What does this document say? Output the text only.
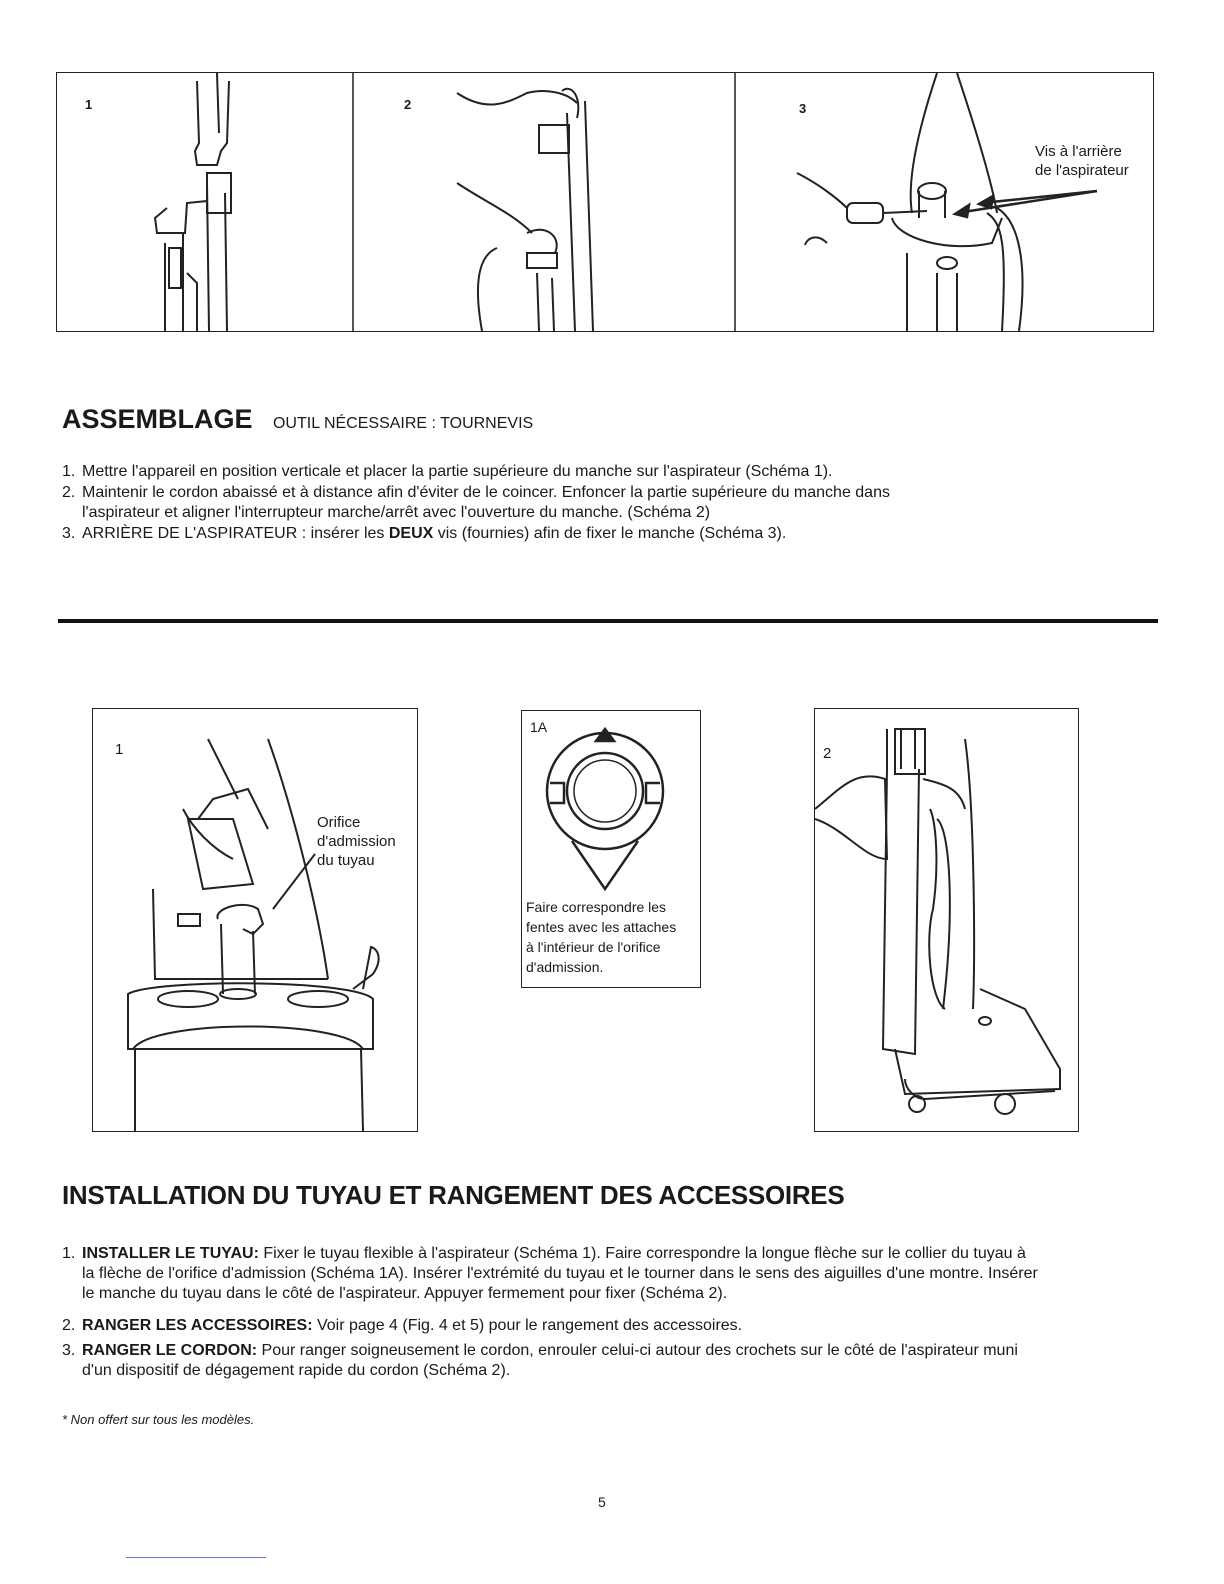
1	2	3
Vis à l'arrière
de l'aspirateur
ASSEMBLAGE OUTIL NÉCESSAIRE : TOURNEVIS
1. Mettre l'appareil en position verticale et placer la partie supérieure du manche sur l'aspirateur (Schéma 1).
2. Maintenir le cordon abaissé et à distance afin d'éviter de le coincer. Enfoncer la partie supérieure du manche dans
l'aspirateur et aligner l'interrupteur marche/arrêt avec l'ouverture du manche. (Schéma 2)
3. ARRIÈRE DE L'ASPIRATEUR : insérer les DEUX vis (fournies) afin de fixer le manche (Schéma 3).
1
Orifice
d'admission
du tuyau
1A
Faire correspondre les
fentes avec les attaches
à l'intérieur de l'orifice
d'admission.
2
INSTALLATION DU TUYAU ET RANGEMENT DES ACCESSOIRES
1. INSTALLER LE TUYAU: Fixer le tuyau flexible à l'aspirateur (Schéma 1). Faire correspondre la longue flèche sur le collier du tuyau à
la flèche de l'orifice d'admission (Schéma 1A). Insérer l'extrémité du tuyau et le tourner dans le sens des aiguilles d'une montre. Insérer
le manche du tuyau dans le côté de l'aspirateur. Appuyer fermement pour fixer (Schéma 2).
2. RANGER LES ACCESSOIRES: Voir page 4 (Fig. 4 et 5) pour le rangement des accessoires.
3. RANGER LE CORDON: Pour ranger soigneusement le cordon, enrouler celui-ci autour des crochets sur le côté de l'aspirateur muni
d'un dispositif de dégagement rapide du cordon (Schéma 2).
* Non offert sur tous les modèles.
5
